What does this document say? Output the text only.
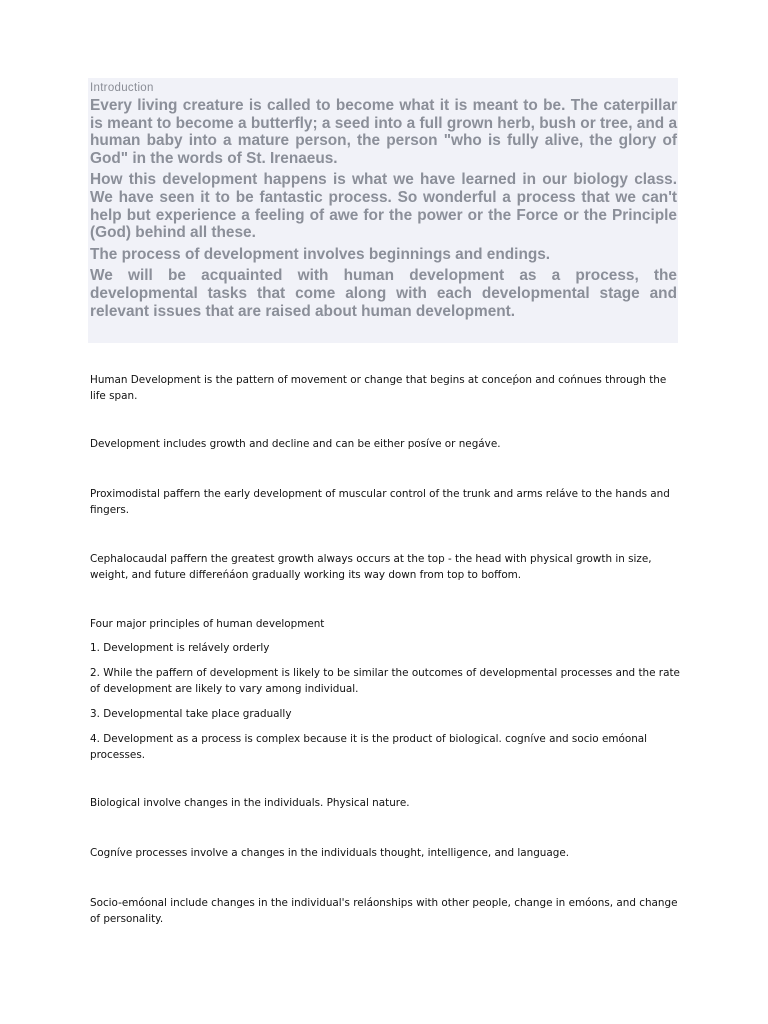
Introduction

Every living creature is called to become what it is meant to be. The caterpillar is meant to become a butterfly; a seed into a full grown herb, bush or tree, and a human baby into a mature person, the person "who is fully alive, the glory of God" in the words of St. Irenaeus.

How this development happens is what we have learned in our biology class. We have seen it to be fantastic process. So wonderful a process that we can't help but experience a feeling of awe for the power or the Force or the Principle (God) behind all these.

The process of development involves beginnings and endings.

We will be acquainted with human development as a process, the developmental tasks that come along with each developmental stage and relevant issues that are raised about human development.

Human Development is the pattern of movement or change that begins at conceṕon and cońnues through the life span.

Development includes growth and decline and can be either posíve or negáve.

Proximodistal paﬀern the early development of muscular control of the trunk and arms reláve to the hands and ﬁngers.

Cephalocaudal paﬀern the greatest growth always occurs at the top - the head with physical growth in size, weight, and future diﬀereńáon gradually working its way down from top to boﬀom.

Four major principles of human development

1. Development is relávely orderly

2. While the paﬀern of development is likely to be similar the outcomes of developmental processes and the rate of development are likely to vary among individual.

3. Developmental take place gradually

4. Development as a process is complex because it is the product of biological. cogníve and socio emóonal processes.

Biological involve changes in the individuals. Physical nature.

Cogníve processes involve a changes in the individuals thought, intelligence, and language.

Socio-emóonal include changes in the individual's reláonships with other people, change in emóons, and change of personality.
